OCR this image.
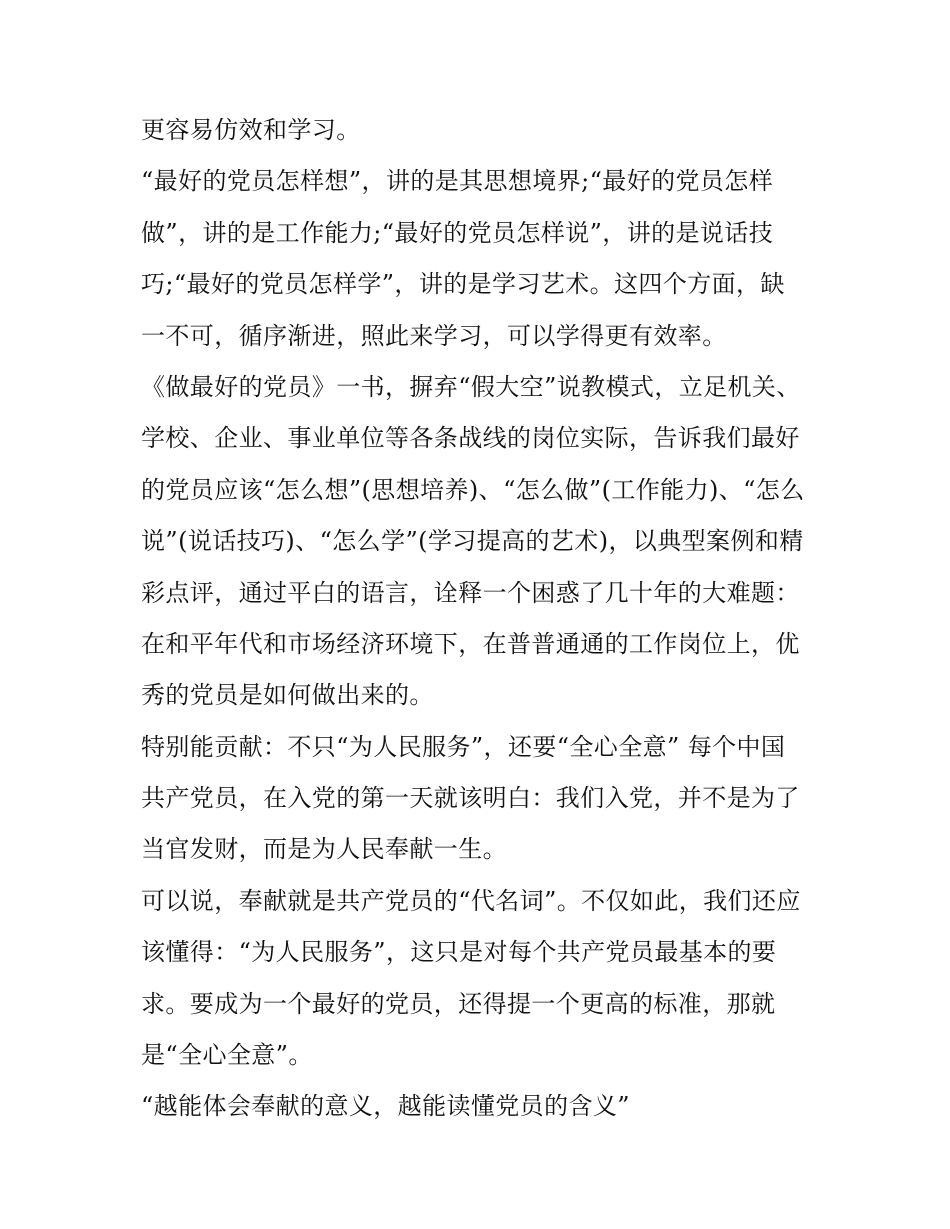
更容易仿效和学习。
“最好的党员怎样想”，讲的是其思想境界;“最好的党员怎样
做”，讲的是工作能力;“最好的党员怎样说”，讲的是说话技
巧;“最好的党员怎样学”，讲的是学习艺术。这四个方面，缺
一不可，循序渐进，照此来学习，可以学得更有效率。
《做最好的党员》一书，摒弃“假大空”说教模式，立足机关、
学校、企业、事业单位等各条战线的岗位实际，告诉我们最好
的党员应该“怎么想”(思想培养)、“怎么做”(工作能力)、“怎么
说”(说话技巧)、“怎么学”(学习提高的艺术)，以典型案例和精
彩点评，通过平白的语言，诠释一个困惑了几十年的大难题：
在和平年代和市场经济环境下，在普普通通的工作岗位上，优
秀的党员是如何做出来的。
特别能贡献：不只“为人民服务”，还要“全心全意” 每个中国
共产党员，在入党的第一天就该明白：我们入党，并不是为了
当官发财，而是为人民奉献一生。
可以说，奉献就是共产党员的“代名词”。不仅如此，我们还应
该懂得：“为人民服务”，这只是对每个共产党员最基本的要
求。要成为一个最好的党员，还得提一个更高的标准，那就
是“全心全意”。
“越能体会奉献的意义，越能读懂党员的含义”
